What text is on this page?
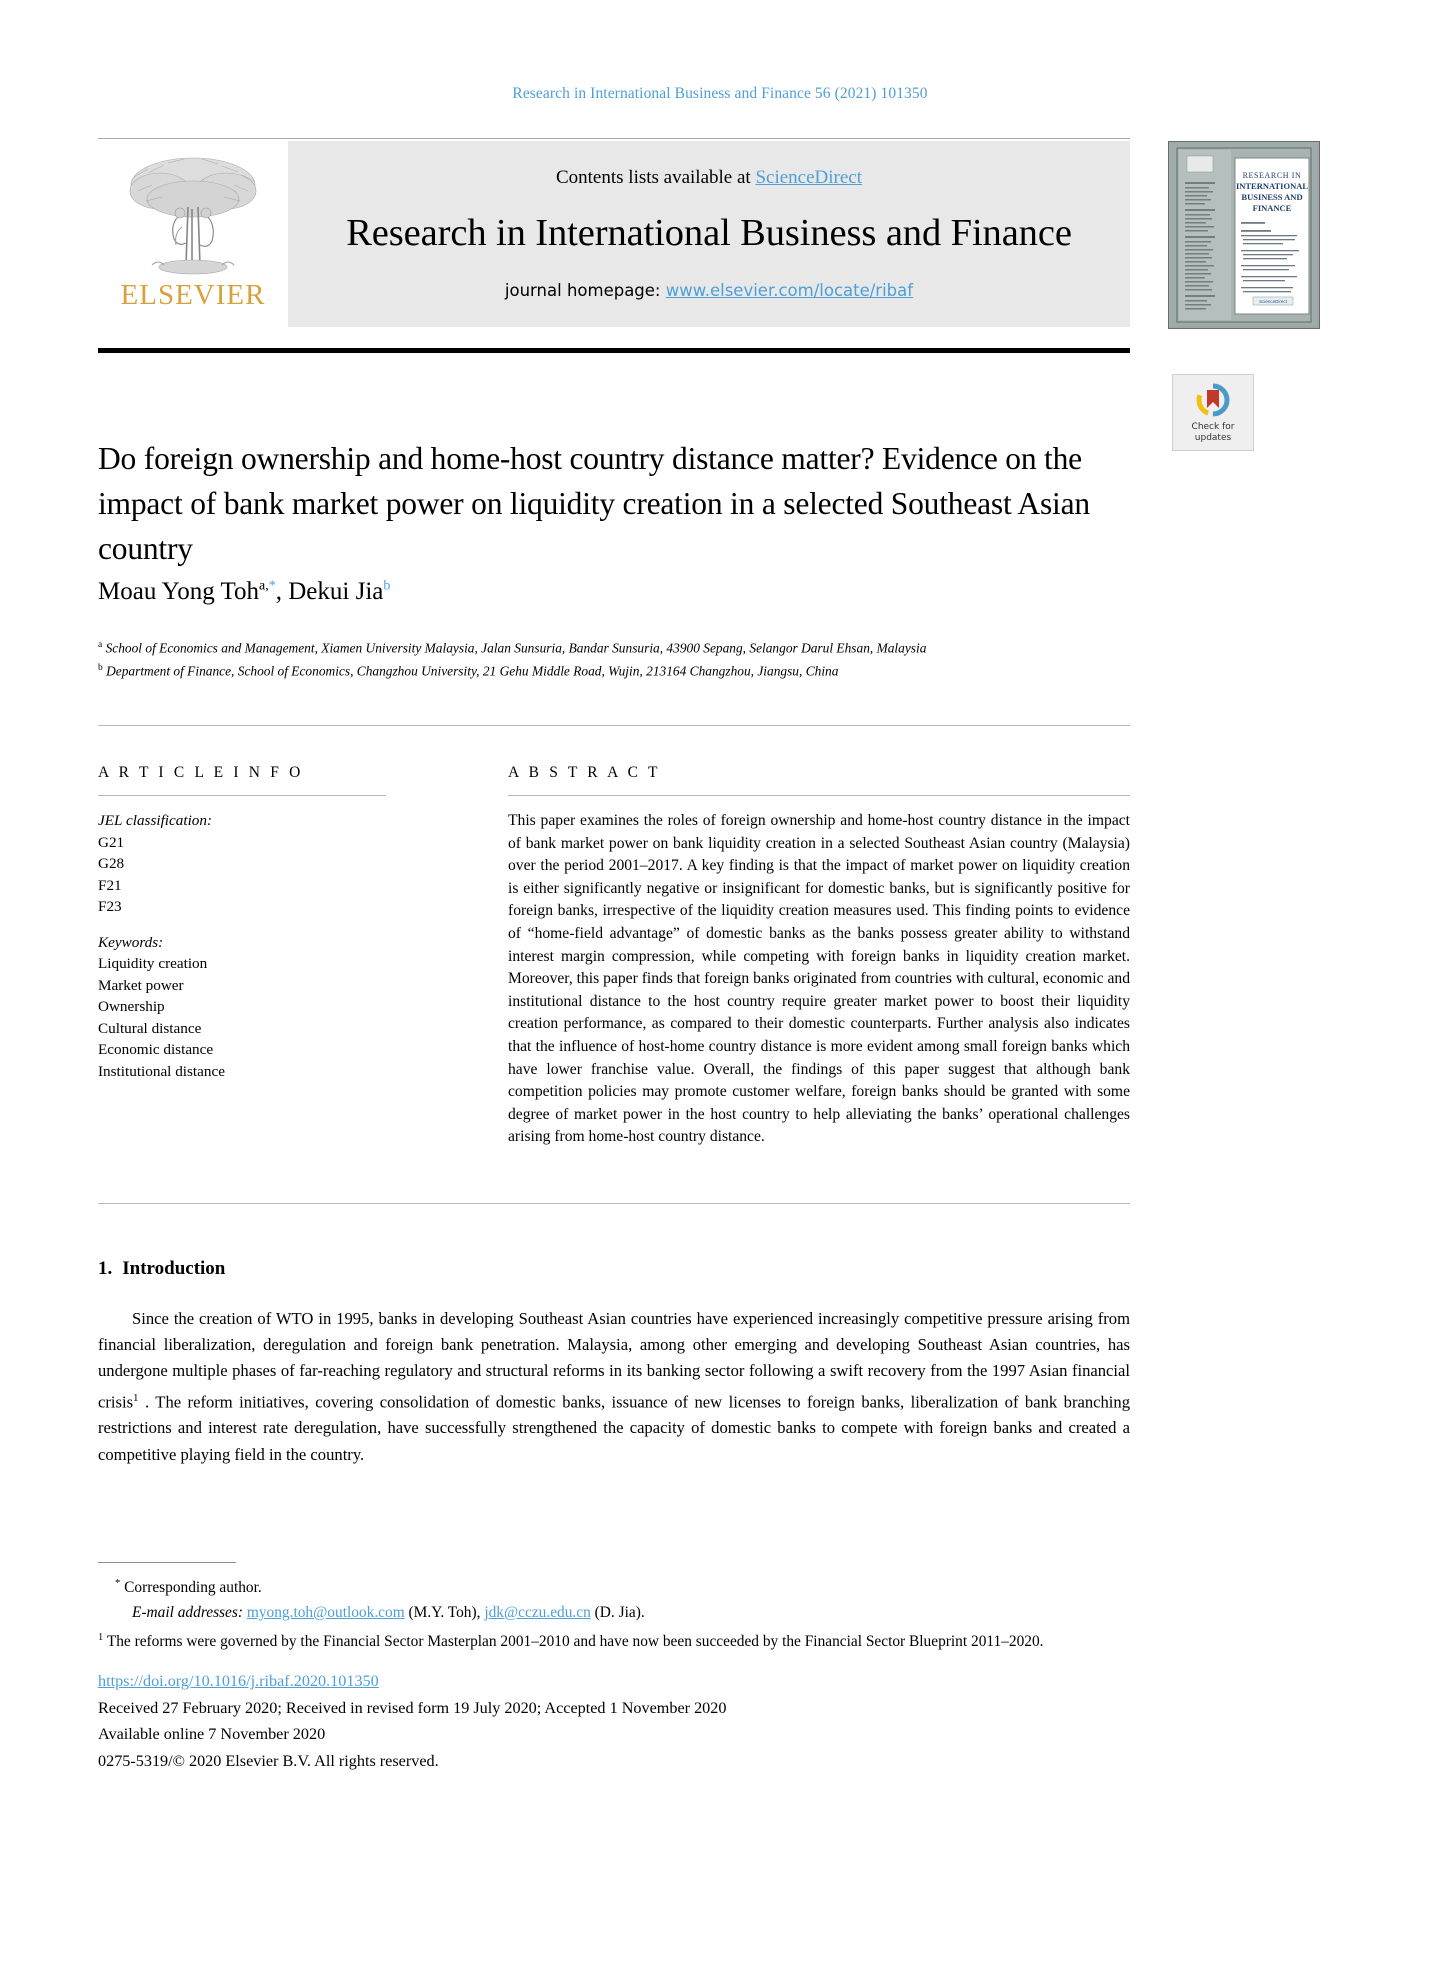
Research in International Business and Finance 56 (2021) 101350
ELSEVIER
Contents lists available at ScienceDirect
Research in International Business and Finance
journal homepage: www.elsevier.com/locate/ribaf
RESEARCH IN
INTERNATIONAL
BUSINESS AND
FINANCE
ScienceDirect
Check for
updates
Do foreign ownership and home-host country distance matter? Evidence on the impact of bank market power on liquidity creation in a selected Southeast Asian country
Moau Yong Toh$^{a,*}$, Dekui Jia$^b$
$^a$ School of Economics and Management, Xiamen University Malaysia, Jalan Sunsuria, Bandar Sunsuria, 43900 Sepang, Selangor Darul Ehsan, Malaysia
$^b$ Department of Finance, School of Economics, Changzhou University, 21 Gehu Middle Road, Wujin, 213164 Changzhou, Jiangsu, China
A R T I C L E I N F O
JEL classification:
G21
G28
F21
F23
Keywords:
Liquidity creation
Market power
Ownership
Cultural distance
Economic distance
Institutional distance
A B S T R A C T
This paper examines the roles of foreign ownership and home-host country distance in the impact of bank market power on bank liquidity creation in a selected Southeast Asian country (Malaysia) over the period 2001–2017. A key finding is that the impact of market power on liquidity creation is either significantly negative or insignificant for domestic banks, but is significantly positive for foreign banks, irrespective of the liquidity creation measures used. This finding points to evidence of “home-field advantage” of domestic banks as the banks possess greater ability to withstand interest margin compression, while competing with foreign banks in liquidity creation market. Moreover, this paper finds that foreign banks originated from countries with cultural, economic and institutional distance to the host country require greater market power to boost their liquidity creation performance, as compared to their domestic counterparts. Further analysis also indicates that the influence of host-home country distance is more evident among small foreign banks which have lower franchise value. Overall, the findings of this paper suggest that although bank competition policies may promote customer welfare, foreign banks should be granted with some degree of market power in the host country to help alleviating the banks’ operational challenges arising from home-host country distance.
1. Introduction

Since the creation of WTO in 1995, banks in developing Southeast Asian countries have experienced increasingly competitive pressure arising from financial liberalization, deregulation and foreign bank penetration. Malaysia, among other emerging and developing Southeast Asian countries, has undergone multiple phases of far-reaching regulatory and structural reforms in its banking sector following a swift recovery from the 1997 Asian financial crisis$^1$ . The reform initiatives, covering consolidation of domestic banks, issuance of new licenses to foreign banks, liberalization of bank branching restrictions and interest rate deregulation, have successfully strengthened the capacity of domestic banks to compete with foreign banks and created a competitive playing field in the country.

* Corresponding author.
E-mail addresses: myong.toh@outlook.com (M.Y. Toh), jdk@cczu.edu.cn (D. Jia).
$^1$ The reforms were governed by the Financial Sector Masterplan 2001–2010 and have now been succeeded by the Financial Sector Blueprint 2011–2020.
https://doi.org/10.1016/j.ribaf.2020.101350
Received 27 February 2020; Received in revised form 19 July 2020; Accepted 1 November 2020
Available online 7 November 2020
0275-5319/© 2020 Elsevier B.V. All rights reserved.
